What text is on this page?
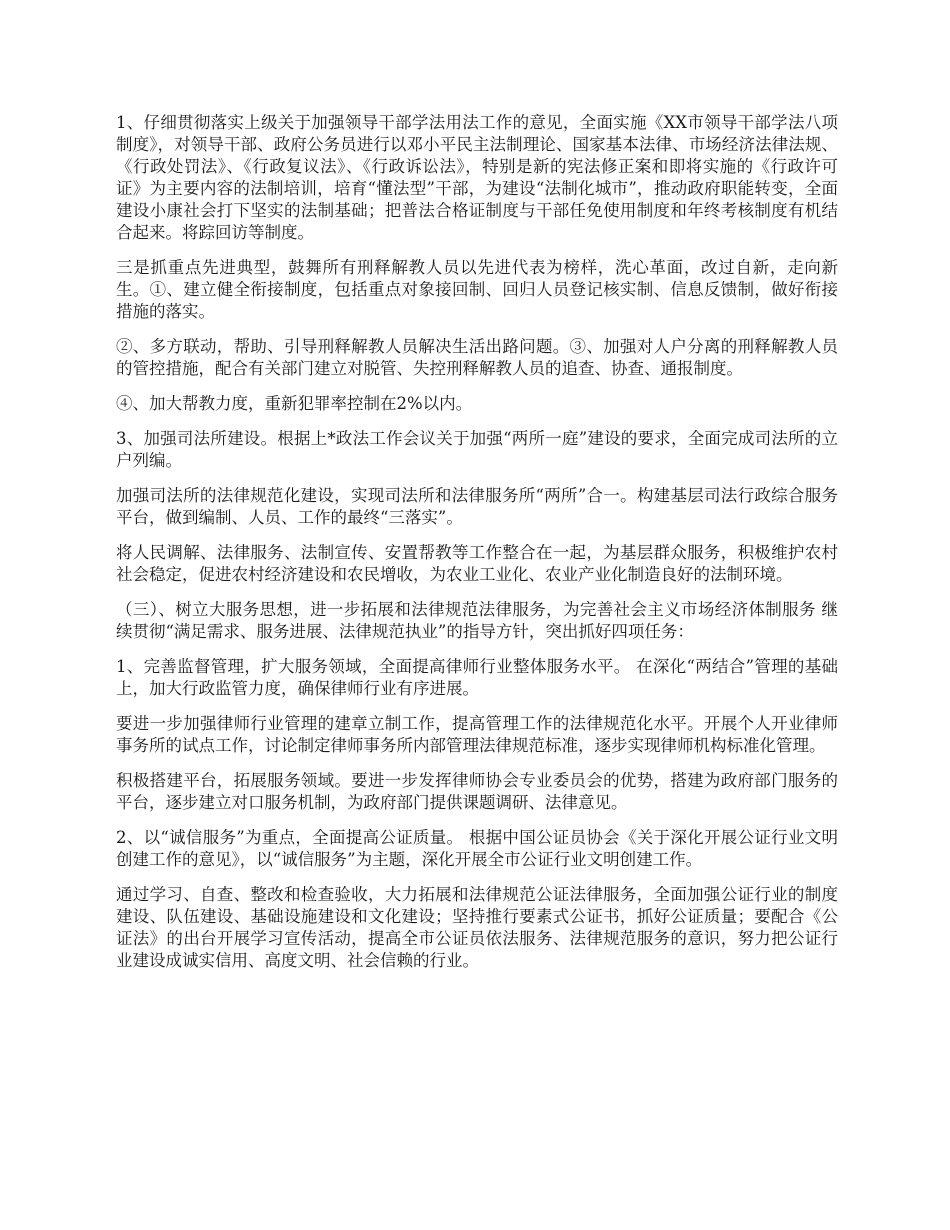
1、仔细贯彻落实上级关于加强领导干部学法用法工作的意见，全面实施《XX市领导干部学法八项制度》，对领导干部、政府公务员进行以邓小平民主法制理论、国家基本法律、市场经济法律法规、《行政处罚法》、《行政复议法》、《行政诉讼法》，特别是新的宪法修正案和即将实施的《行政许可证》为主要内容的法制培训，培育“懂法型”干部，为建设“法制化城市”，推动政府职能转变，全面建设小康社会打下坚实的法制基础；把普法合格证制度与干部任免使用制度和年终考核制度有机结合起来。将踪回访等制度。

三是抓重点先进典型，鼓舞所有刑释解教人员以先进代表为榜样，洗心革面，改过自新，走向新生。①、建立健全衔接制度，包括重点对象接回制、回归人员登记核实制、信息反馈制，做好衔接措施的落实。

②、多方联动，帮助、引导刑释解教人员解决生活出路问题。③、加强对人户分离的刑释解教人员的管控措施，配合有关部门建立对脱管、失控刑释解教人员的追查、协查、通报制度。

④、加大帮教力度，重新犯罪率控制在2%以内。

3、加强司法所建设。根据上*政法工作会议关于加强“两所一庭”建设的要求，全面完成司法所的立户列编。

加强司法所的法律规范化建设，实现司法所和法律服务所“两所”合一。构建基层司法行政综合服务平台，做到编制、人员、工作的最终“三落实”。

将人民调解、法律服务、法制宣传、安置帮教等工作整合在一起，为基层群众服务，积极维护农村社会稳定，促进农村经济建设和农民增收，为农业工业化、农业产业化制造良好的法制环境。

（三）、树立大服务思想，进一步拓展和法律规范法律服务，为完善社会主义市场经济体制服务 继续贯彻“满足需求、服务进展、法律规范执业”的指导方针，突出抓好四项任务：

1、完善监督管理，扩大服务领域，全面提高律师行业整体服务水平。 在深化“两结合”管理的基础上，加大行政监管力度，确保律师行业有序进展。

要进一步加强律师行业管理的建章立制工作，提高管理工作的法律规范化水平。开展个人开业律师事务所的试点工作，讨论制定律师事务所内部管理法律规范标准，逐步实现律师机构标准化管理。

积极搭建平台，拓展服务领域。要进一步发挥律师协会专业委员会的优势，搭建为政府部门服务的平台，逐步建立对口服务机制，为政府部门提供课题调研、法律意见。

2、以“诚信服务”为重点，全面提高公证质量。 根据中国公证员协会《关于深化开展公证行业文明创建工作的意见》，以“诚信服务”为主题，深化开展全市公证行业文明创建工作。

通过学习、自查、整改和检查验收，大力拓展和法律规范公证法律服务，全面加强公证行业的制度建设、队伍建设、基础设施建设和文化建设；坚持推行要素式公证书，抓好公证质量；要配合《公证法》的出台开展学习宣传活动，提高全市公证员依法服务、法律规范服务的意识，努力把公证行业建设成诚实信用、高度文明、社会信赖的行业。
